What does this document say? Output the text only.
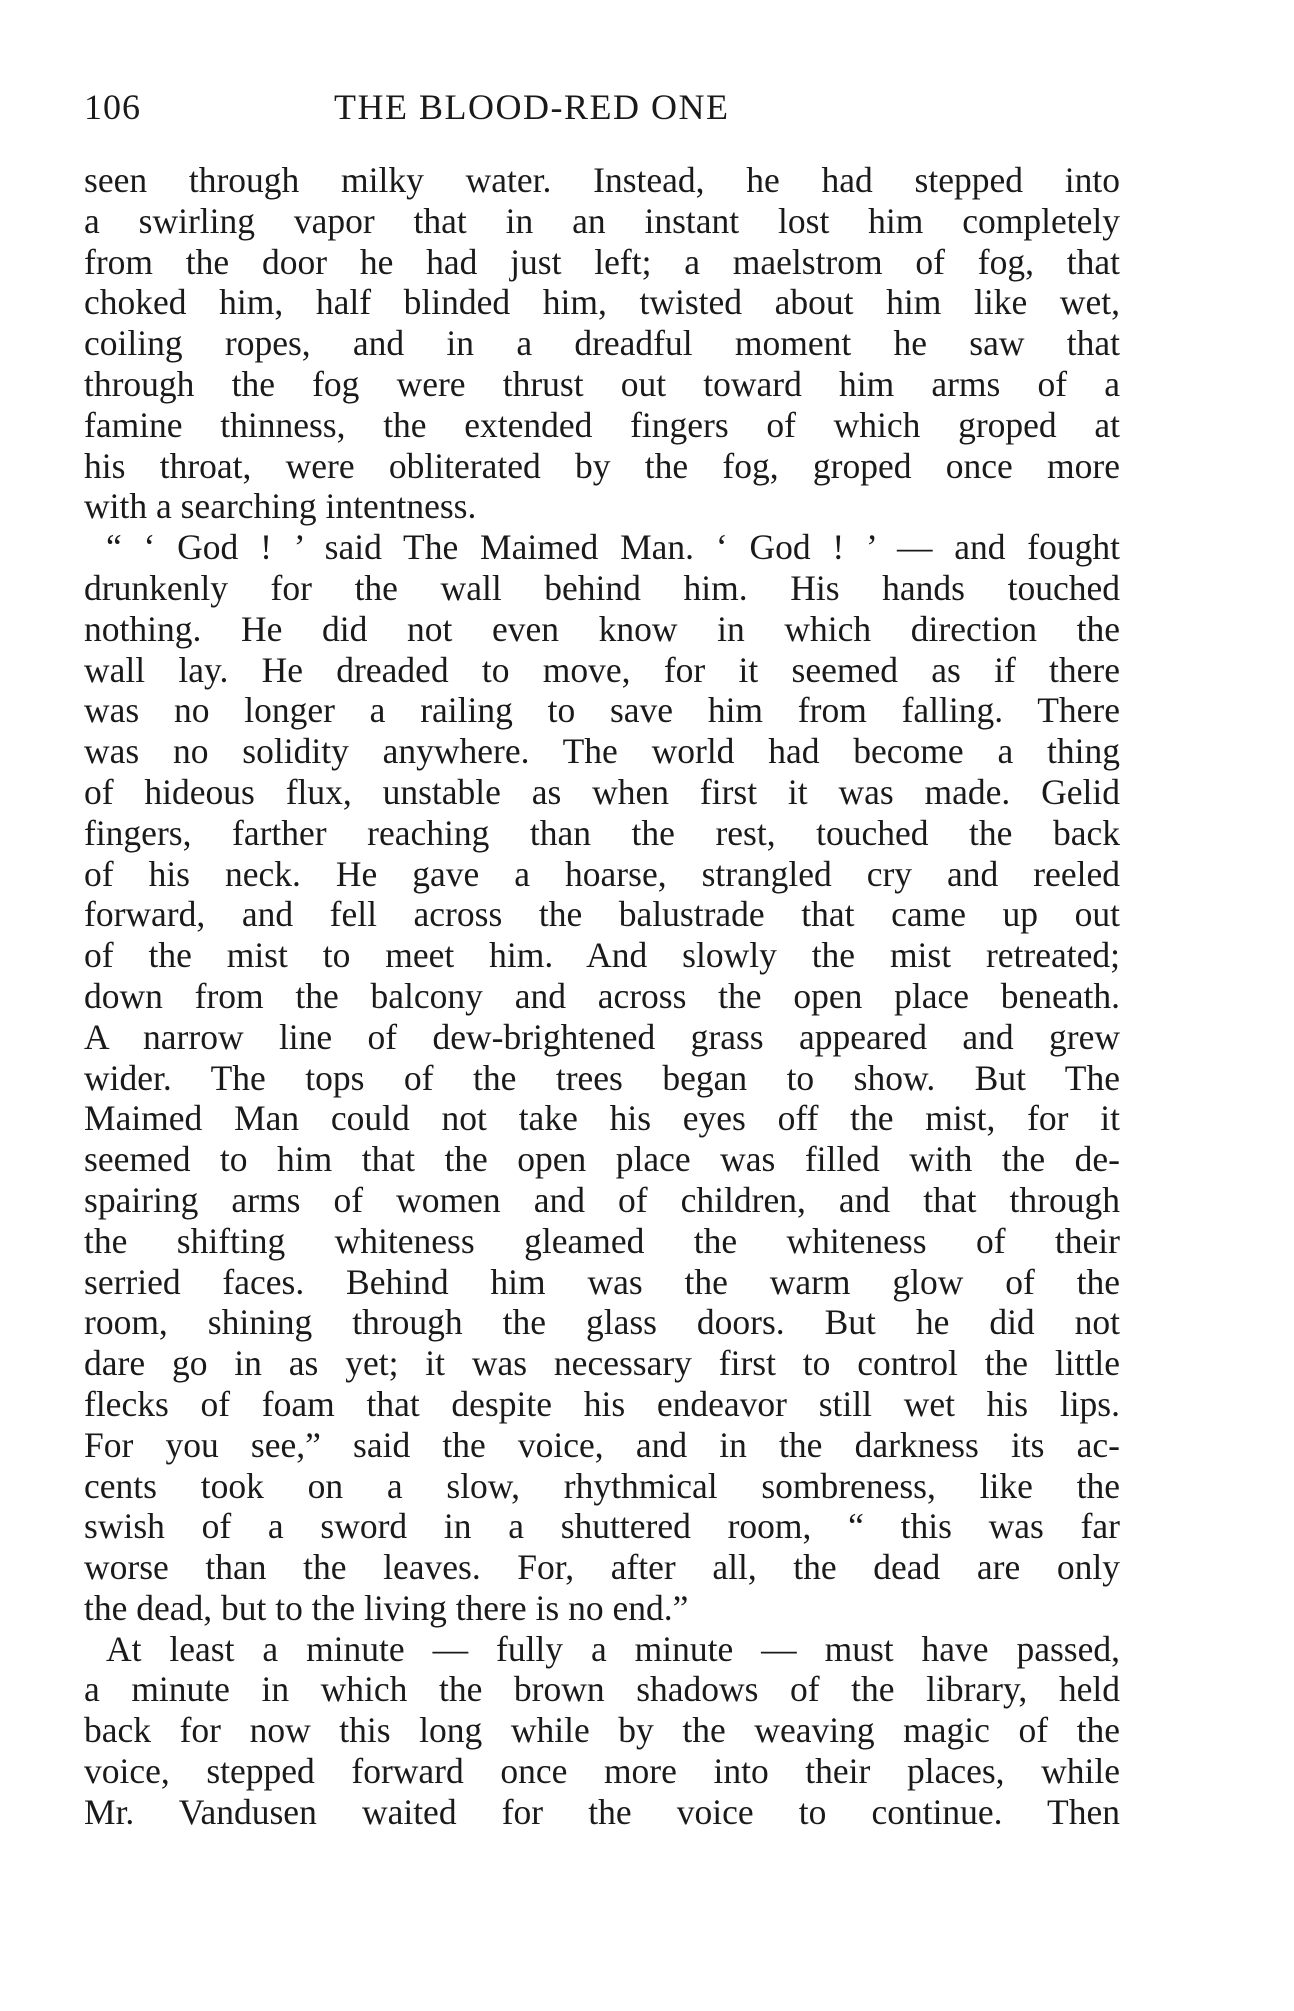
106	THE BLOOD-RED ONE
seen through milky water. Instead, he had stepped into
a swirling vapor that in an instant lost him completely
from the door he had just left; a maelstrom of fog, that
choked him, half blinded him, twisted about him like wet,
coiling ropes, and in a dreadful moment he saw that
through the fog were thrust out toward him arms of a
famine thinness, the extended fingers of which groped at
his throat, were obliterated by the fog, groped once more
with a searching intentness.
“ ‘ God ! ’ said The Maimed Man. ‘ God ! ’ — and fought
drunkenly for the wall behind him. His hands touched
nothing. He did not even know in which direction the
wall lay. He dreaded to move, for it seemed as if there
was no longer a railing to save him from falling. There
was no solidity anywhere. The world had become a thing
of hideous flux, unstable as when first it was made. Gelid
fingers, farther reaching than the rest, touched the back
of his neck. He gave a hoarse, strangled cry and reeled
forward, and fell across the balustrade that came up out
of the mist to meet him. And slowly the mist retreated;
down from the balcony and across the open place beneath.
A narrow line of dew-brightened grass appeared and grew
wider. The tops of the trees began to show. But The
Maimed Man could not take his eyes off the mist, for it
seemed to him that the open place was filled with the de-
spairing arms of women and of children, and that through
the shifting whiteness gleamed the whiteness of their
serried faces. Behind him was the warm glow of the
room, shining through the glass doors. But he did not
dare go in as yet; it was necessary first to control the little
flecks of foam that despite his endeavor still wet his lips.
For you see,” said the voice, and in the darkness its ac-
cents took on a slow, rhythmical sombreness, like the
swish of a sword in a shuttered room, “ this was far
worse than the leaves. For, after all, the dead are only
the dead, but to the living there is no end.”
At least a minute — fully a minute — must have passed,
a minute in which the brown shadows of the library, held
back for now this long while by the weaving magic of the
voice, stepped forward once more into their places, while
Mr. Vandusen waited for the voice to continue. Then
